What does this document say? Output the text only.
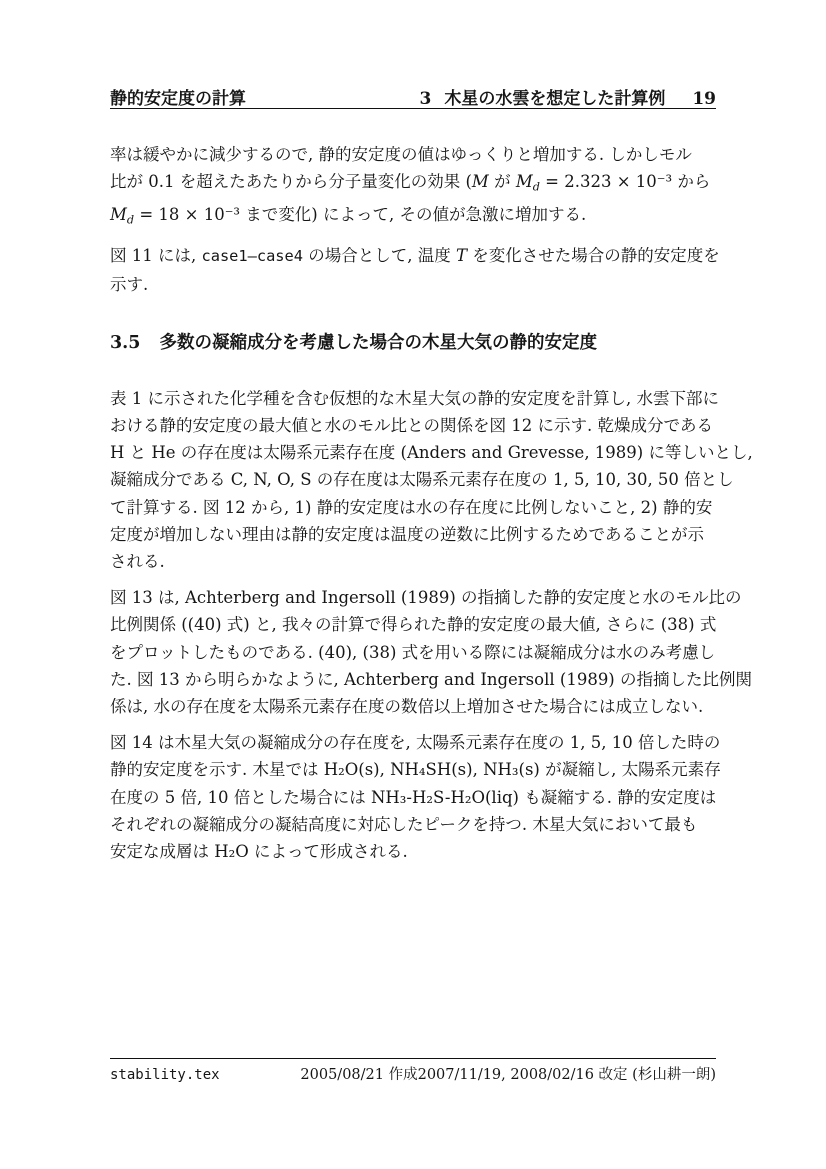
静的安定度の計算	3 木星の水雲を想定した計算例 19

率は緩やかに減少するので, 静的安定度の値はゆっくりと増加する. しかしモル
比が 0.1 を超えたあたりから分子量変化の効果 (M が $M_d = 2.323 \times 10^{-3}$ から
$M_d = 18 \times 10^{-3}$ まで変化) によって, その値が急激に増加する.

図 11 には, case1–case4 の場合として, 温度 T を変化させた場合の静的安定度を
示す.

3.5 多数の凝縮成分を考慮した場合の木星大気の静的安定度

表 1 に示された化学種を含む仮想的な木星大気の静的安定度を計算し, 水雲下部に
おける静的安定度の最大値と水のモル比との関係を図 12 に示す. 乾燥成分である
H と He の存在度は太陽系元素存在度 (Anders and Grevesse, 1989) に等しいとし,
凝縮成分である C, N, O, S の存在度は太陽系元素存在度の 1, 5, 10, 30, 50 倍とし
て計算する. 図 12 から, 1) 静的安定度は水の存在度に比例しないこと, 2) 静的安
定度が増加しない理由は静的安定度は温度の逆数に比例するためであることが示
される.

図 13 は, Achterberg and Ingersoll (1989) の指摘した静的安定度と水のモル比の
比例関係 ((40) 式) と, 我々の計算で得られた静的安定度の最大値, さらに (38) 式
をプロットしたものである. (40), (38) 式を用いる際には凝縮成分は水のみ考慮し
た. 図 13 から明らかなように, Achterberg and Ingersoll (1989) の指摘した比例関
係は, 水の存在度を太陽系元素存在度の数倍以上増加させた場合には成立しない.

図 14 は木星大気の凝縮成分の存在度を, 太陽系元素存在度の 1, 5, 10 倍した時の
静的安定度を示す. 木星では H₂O(s), NH₄SH(s), NH₃(s) が凝縮し, 太陽系元素存
在度の 5 倍, 10 倍とした場合には NH₃-H₂S-H₂O(liq) も凝縮する. 静的安定度は
それぞれの凝縮成分の凝結高度に対応したピークを持つ. 木星大気において最も
安定な成層は H₂O によって形成される.

stability.tex	2005/08/21 作成2007/11/19, 2008/02/16 改定 (杉山耕一朗)
